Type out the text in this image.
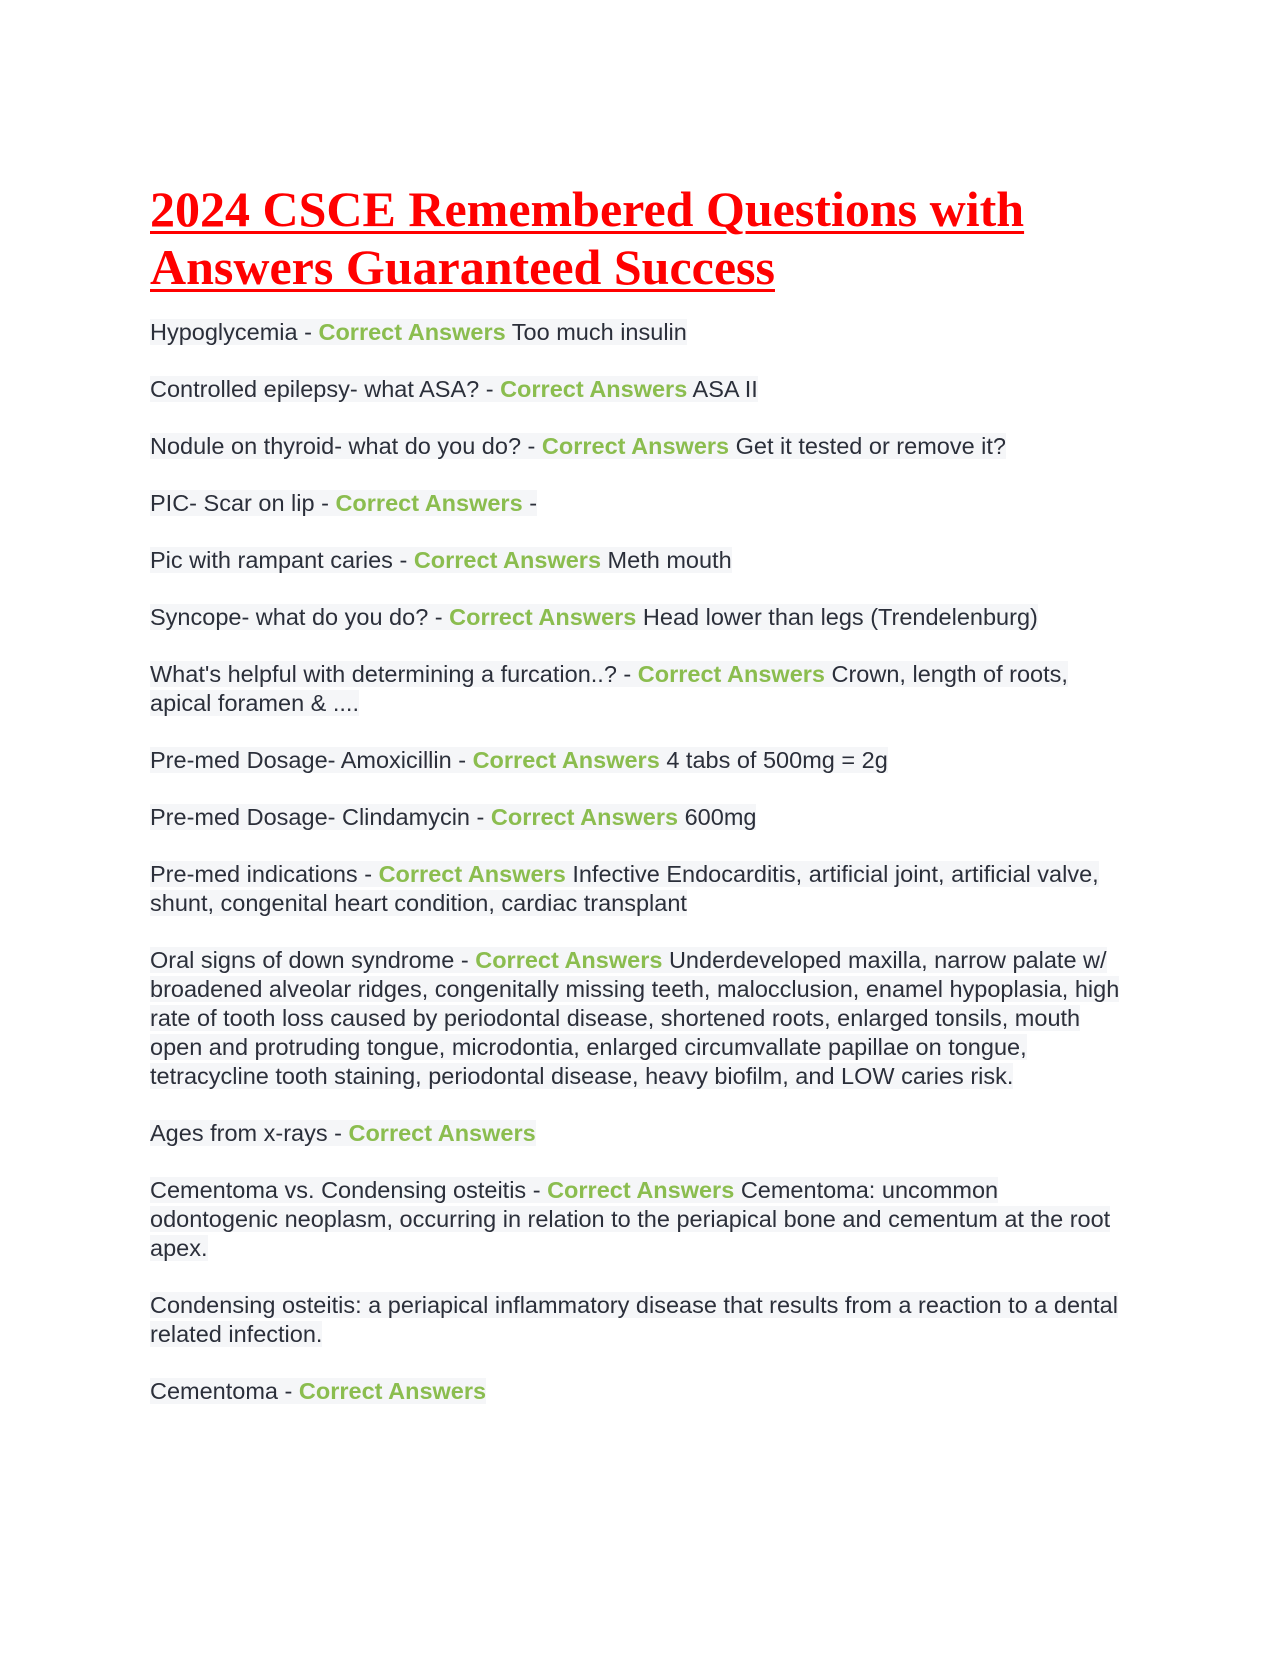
2024 CSCE Remembered Questions with
Answers Guaranteed Success
Hypoglycemia - Correct Answers Too much insulin
Controlled epilepsy- what ASA? - Correct Answers ASA II
Nodule on thyroid- what do you do? - Correct Answers Get it tested or remove it?
PIC- Scar on lip - Correct Answers -
Pic with rampant caries - Correct Answers Meth mouth
Syncope- what do you do? - Correct Answers Head lower than legs (Trendelenburg)
What's helpful with determining a furcation..? - Correct Answers Crown, length of roots, apical foramen & ....
Pre-med Dosage- Amoxicillin - Correct Answers 4 tabs of 500mg = 2g
Pre-med Dosage- Clindamycin - Correct Answers 600mg
Pre-med indications - Correct Answers Infective Endocarditis, artificial joint, artificial valve, shunt, congenital heart condition, cardiac transplant
Oral signs of down syndrome - Correct Answers Underdeveloped maxilla, narrow palate w/ broadened alveolar ridges, congenitally missing teeth, malocclusion, enamel hypoplasia, high rate of tooth loss caused by periodontal disease, shortened roots, enlarged tonsils, mouth open and protruding tongue, microdontia, enlarged circumvallate papillae on tongue, tetracycline tooth staining, periodontal disease, heavy biofilm, and LOW caries risk.
Ages from x-rays - Correct Answers
Cementoma vs. Condensing osteitis - Correct Answers Cementoma: uncommon odontogenic neoplasm, occurring in relation to the periapical bone and cementum at the root apex.
Condensing osteitis: a periapical inflammatory disease that results from a reaction to a dental related infection.
Cementoma - Correct Answers
